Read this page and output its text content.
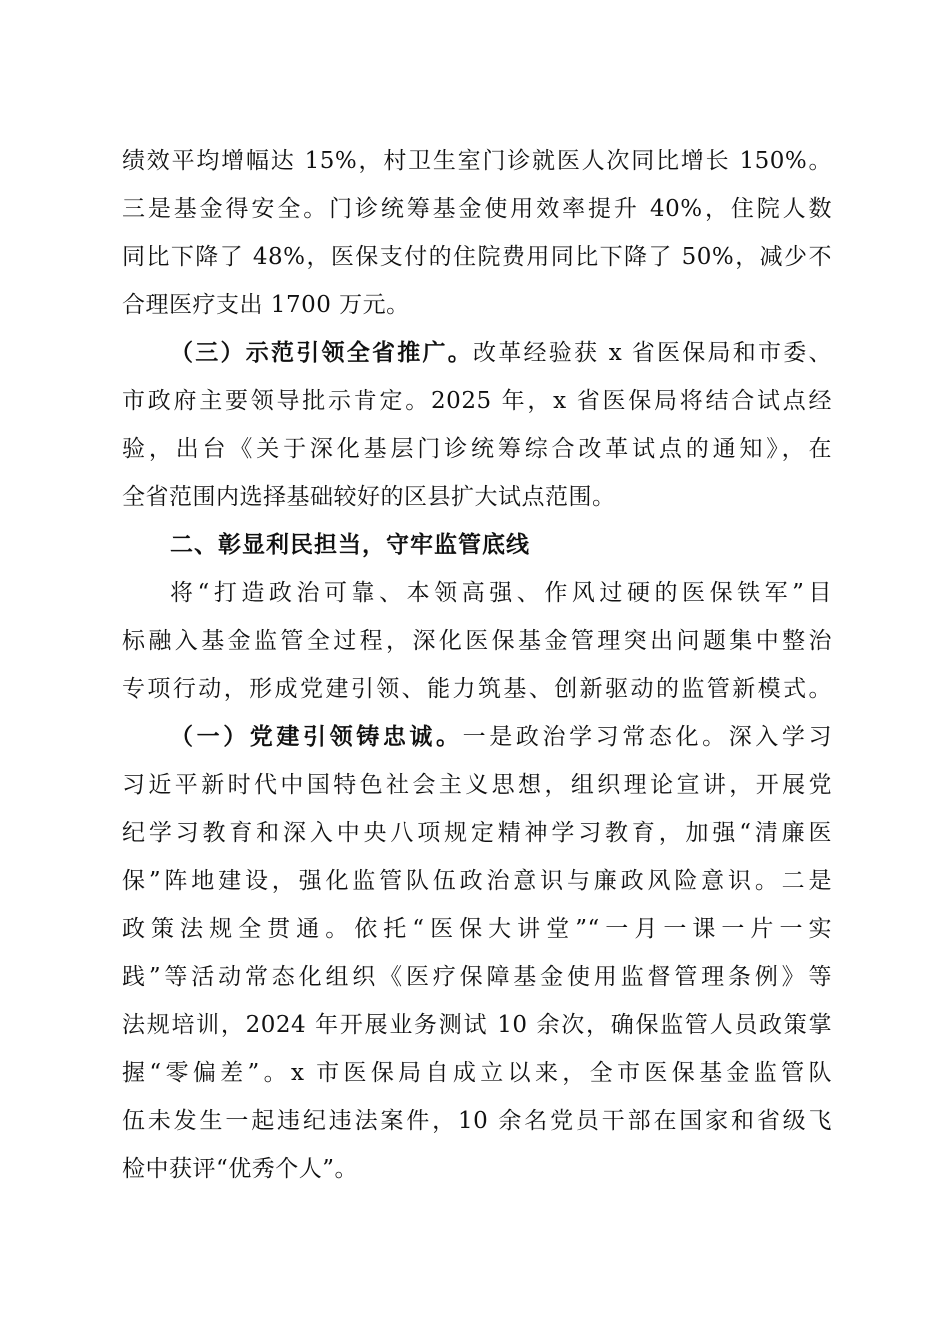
绩效平均增幅达 15%，村卫生室门诊就医人次同比增长 150%。
三是基金得安全。门诊统筹基金使用效率提升 40%，住院人数
同比下降了 48%，医保支付的住院费用同比下降了 50%，减少不
合理医疗支出 1700 万元。
（三）示范引领全省推广。改革经验获 x 省医保局和市委、
市政府主要领导批示肯定。2025 年，x 省医保局将结合试点经
验，出台《关于深化基层门诊统筹综合改革试点的通知》，在
全省范围内选择基础较好的区县扩大试点范围。
二、彰显利民担当，守牢监管底线
将“打造政治可靠、本领高强、作风过硬的医保铁军”目
标融入基金监管全过程，深化医保基金管理突出问题集中整治
专项行动，形成党建引领、能力筑基、创新驱动的监管新模式。
（一）党建引领铸忠诚。一是政治学习常态化。深入学习
习近平新时代中国特色社会主义思想，组织理论宣讲，开展党
纪学习教育和深入中央八项规定精神学习教育，加强“清廉医
保”阵地建设，强化监管队伍政治意识与廉政风险意识。二是
政策法规全贯通。依托“医保大讲堂”“一月一课一片一实
践”等活动常态化组织《医疗保障基金使用监督管理条例》等
法规培训，2024 年开展业务测试 10 余次，确保监管人员政策掌
握“零偏差”。x 市医保局自成立以来，全市医保基金监管队
伍未发生一起违纪违法案件，10 余名党员干部在国家和省级飞
检中获评“优秀个人”。
